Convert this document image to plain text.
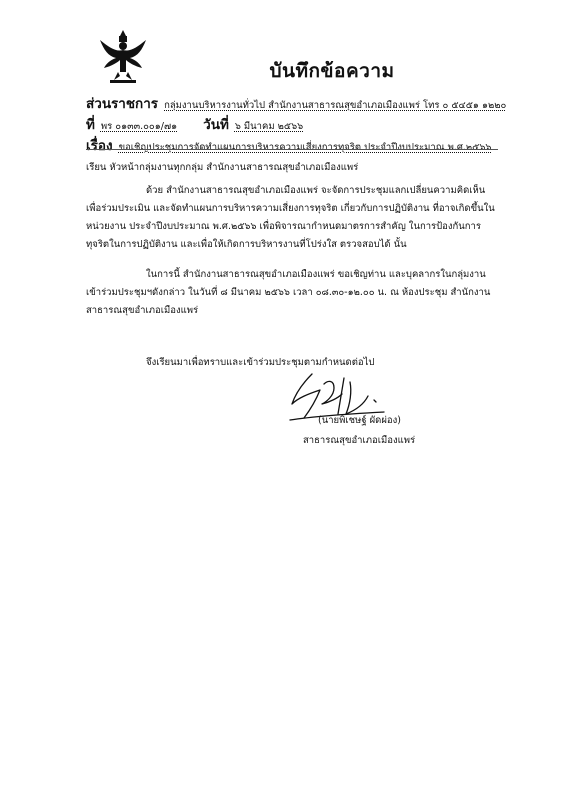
บันทึกข้อความ
ส่วนราชการ กลุ่มงานบริหารงานทั่วไป สำนักงานสาธารณสุขอำเภอเมืองแพร่ โทร ๐ ๕๔๕๑ ๑๒๒๐
ที่ พร ๐๑๓๓.๐๐๑/๗๑ วันที่ ๖ มีนาคม ๒๕๖๖
เรื่อง ขอเชิญประชุมการจัดทำแผนการบริหารความเสี่ยงการทุจริต ประจำปีงบประมาณ พ.ศ.๒๕๖๖
เรียน หัวหน้ากลุ่มงานทุกกลุ่ม สำนักงานสาธารณสุขอำเภอเมืองแพร่

ด้วย สำนักงานสาธารณสุขอำเภอเมืองแพร่ จะจัดการประชุมแลกเปลี่ยนความคิดเห็น เพื่อร่วมประเมิน และจัดทำแผนการบริหารความเสี่ยงการทุจริต เกี่ยวกับการปฏิบัติงาน ที่อาจเกิดขึ้นในหน่วยงาน ประจำปีงบประมาณ พ.ศ.๒๕๖๖ เพื่อพิจารณากำหนดมาตรการสำคัญ ในการป้องกันการทุจริตในการปฏิบัติงาน และเพื่อให้เกิดการบริหารงานที่โปร่งใส ตรวจสอบได้ นั้น

ในการนี้ สำนักงานสาธารณสุขอำเภอเมืองแพร่ ขอเชิญท่าน และบุคลากรในกลุ่มงานเข้าร่วมประชุมฯดังกล่าว ในวันที่ ๘ มีนาคม ๒๕๖๖ เวลา ๐๘.๓๐-๑๒.๐๐ น. ณ ห้องประชุม สำนักงานสาธารณสุขอำเภอเมืองแพร่

จึงเรียนมาเพื่อทราบและเข้าร่วมประชุมตามกำหนดต่อไป
(นายพิเชษฐ์ ผัดผ่อง)
สาธารณสุขอำเภอเมืองแพร่
